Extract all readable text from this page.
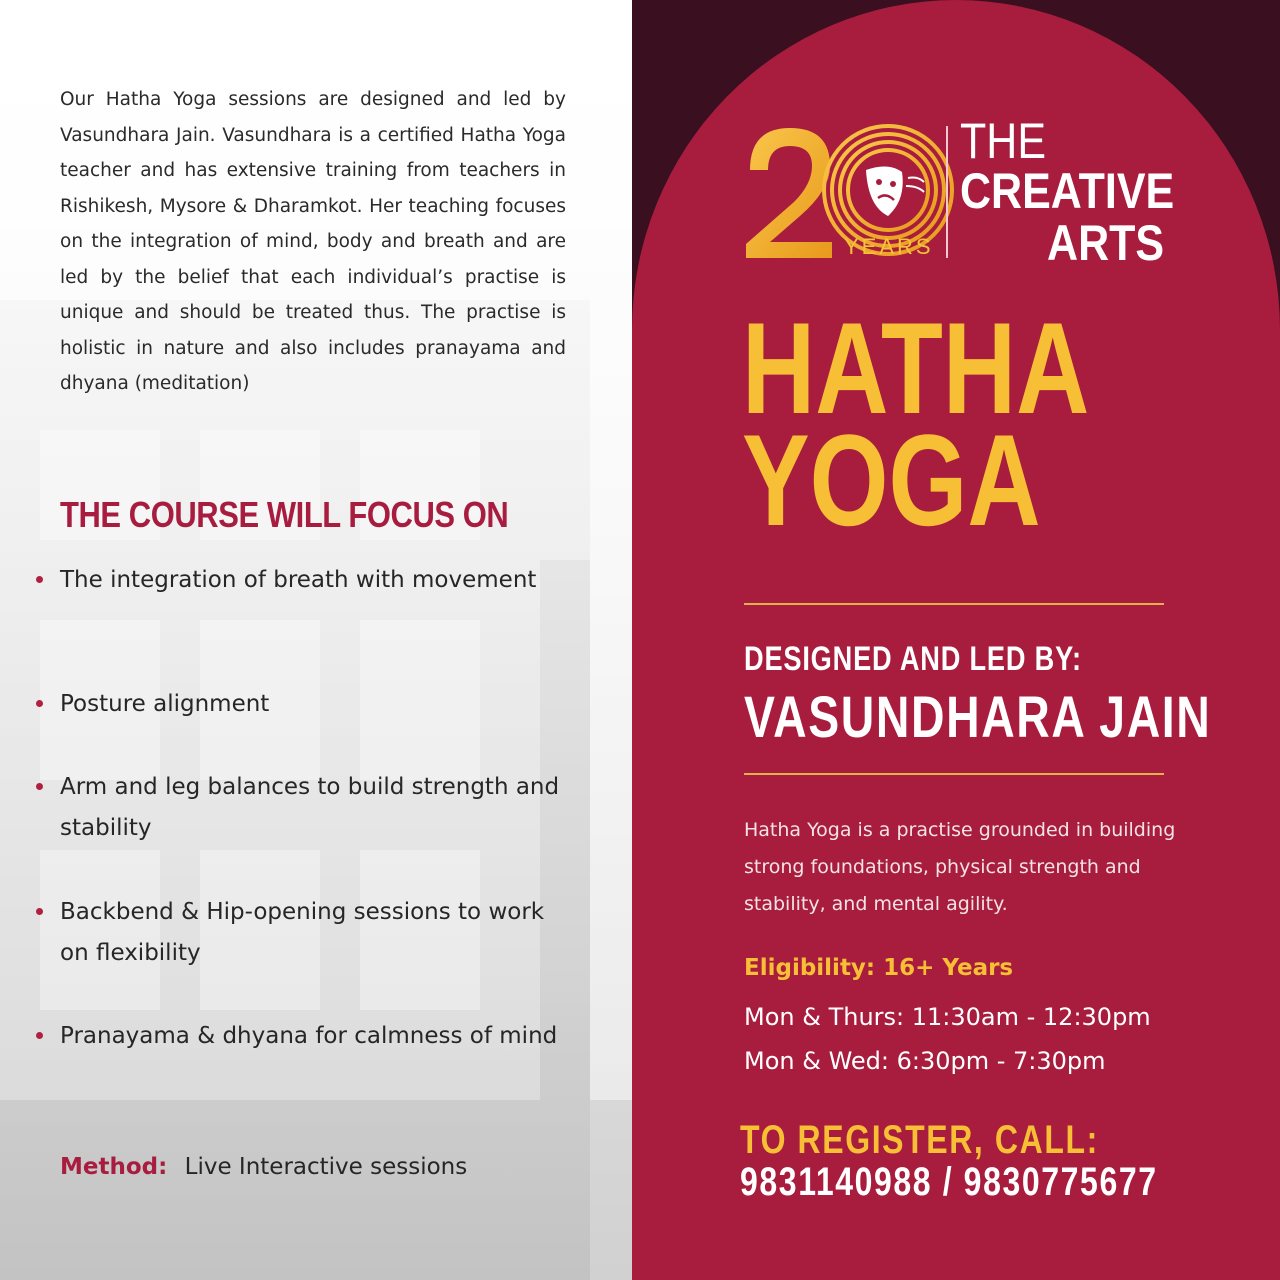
Our Hatha Yoga sessions are designed and led by Vasundhara Jain. Vasundhara is a certified Hatha Yoga teacher and has extensive training from teachers in Rishikesh, Mysore & Dharamkot. Her teaching focuses on the integration of mind, body and breath and are led by the belief that each individual’s practise is unique and should be treated thus. The practise is holistic in nature and also includes pranayama and dhyana (meditation)

THE COURSE WILL FOCUS ON
The integration of breath with movement
Posture alignment
Arm and leg balances to build strength and stability
Backbend & Hip-opening sessions to work on flexibility
Pranayama & dhyana for calmness of mind
Method: Live Interactive sessions
YEARS
THE
CREATIVE
ARTS
HATHA
YOGA
DESIGNED AND LED BY:
VASUNDHARA JAIN

Hatha Yoga is a practise grounded in building strong foundations, physical strength and stability, and mental agility.

Eligibility: 16+ Years
Mon & Thurs: 11:30am - 12:30pm
Mon & Wed: 6:30pm - 7:30pm
TO REGISTER, CALL:
9831140988 / 9830775677
